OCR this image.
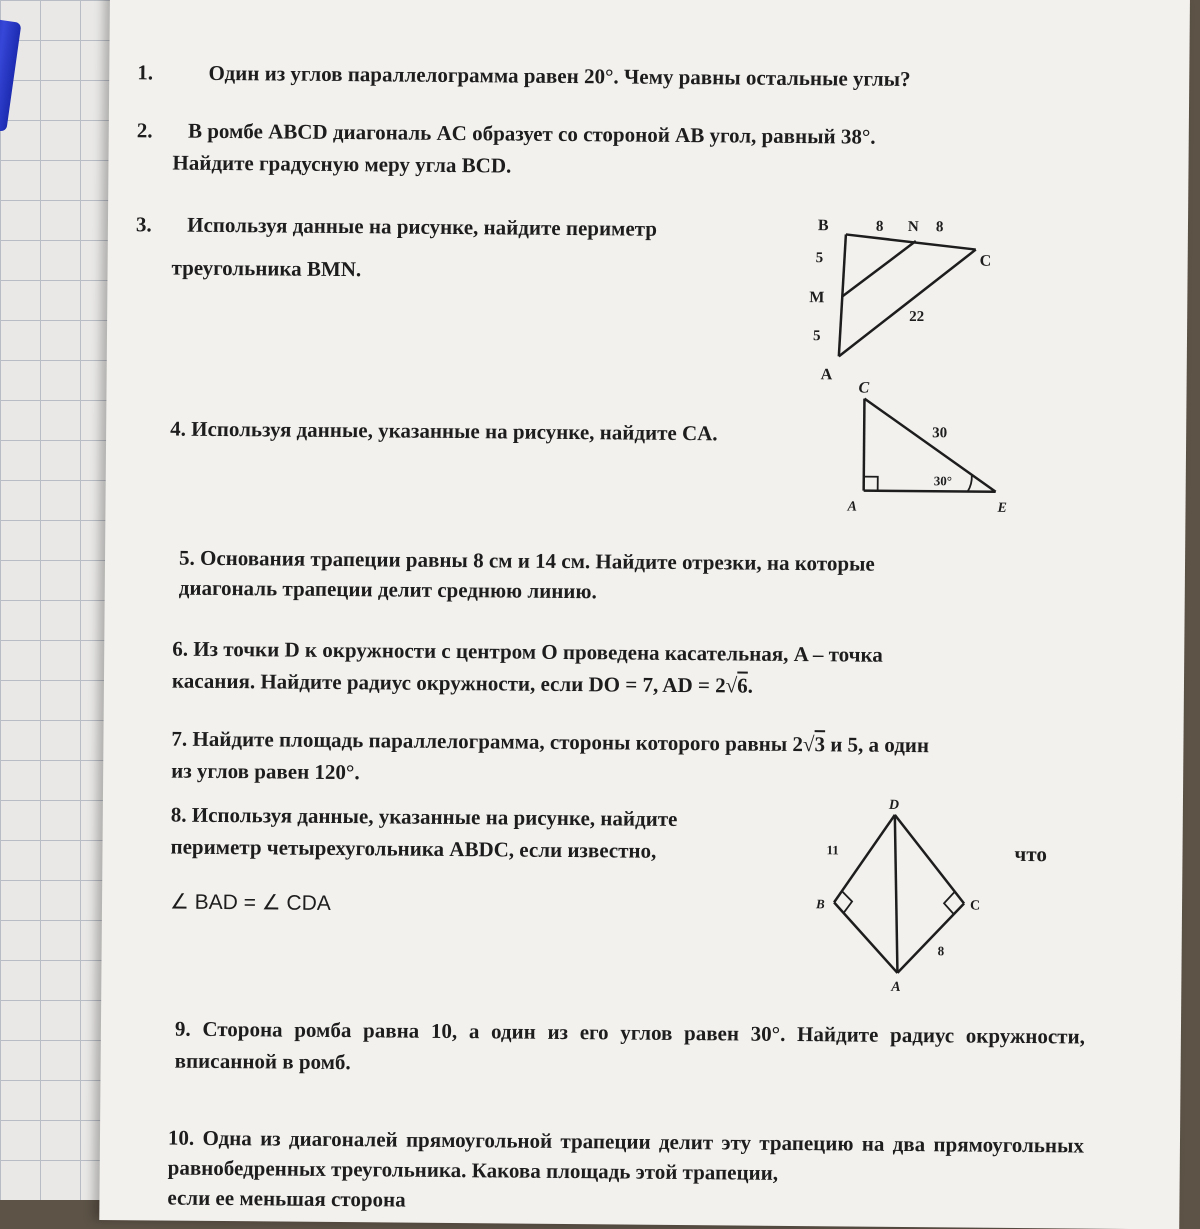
1.	Один из углов параллелограмма равен 20°. Чему равны остальные углы?
2. В ромбе ABCD диагональ AC образует со стороной AB угол, равный 38°.
Найдите градусную меру угла BCD.
3. Используя данные на рисунке, найдите периметр
треугольника BMN.
B	8 N 8
C
5
M
22
5
A
4. Используя данные, указанные на рисунке, найдите CA.
C
30
30°
A	E
5. Основания трапеции равны 8 см и 14 см. Найдите отрезки, на которые
диагональ трапеции делит среднюю линию.
6. Из точки D к окружности с центром O проведена касательная, A – точка
касания. Найдите радиус окружности, если DO = 7, AD = 2√6.
7. Найдите площадь параллелограмма, стороны которого равны 2√3 и 5, а один
из углов равен 120°.
8. Используя данные, указанные на рисунке, найдите
периметр четырехугольника ABDC, если известно,	что
∠ BAD = ∠ CDA
D
11
B	C
8
A
9. Сторона ромба равна 10, а один из его углов равен 30°. Найдите радиус окружности, вписанной в ромб.
10. Одна из диагоналей прямоугольной трапеции делит эту трапецию на два прямоугольных равнобедренных треугольника. Какова площадь этой трапеции,
если ее меньшая сторона
